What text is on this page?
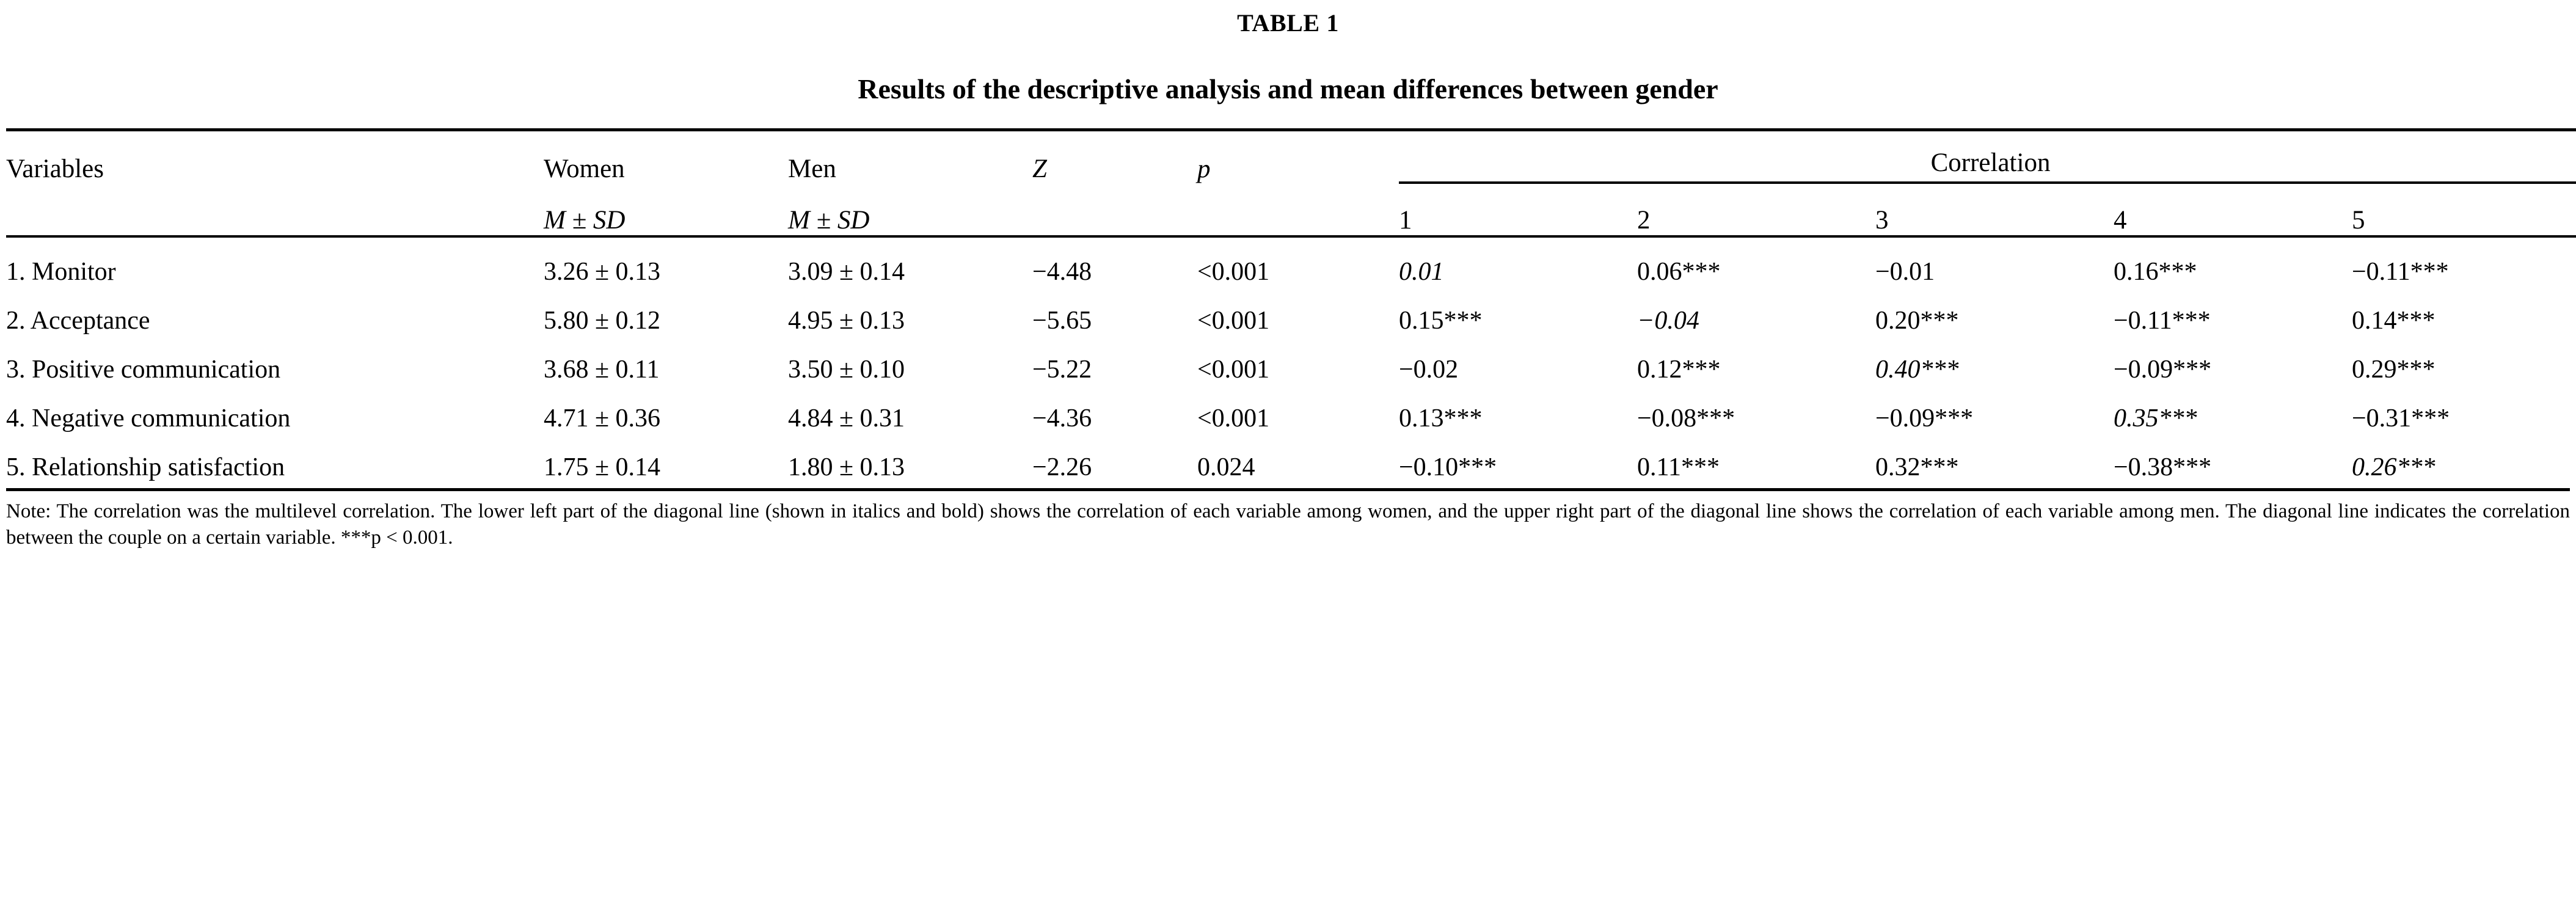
TABLE 1
Results of the descriptive analysis and mean differences between gender
Variables	Women	Men	Z	p	Correlation				

	M ± SD	M ± SD			1	2	3	4	5
1. Monitor	3.26 ± 0.13	3.09 ± 0.14	−4.48	<0.001	0.01	0.06***	−0.01	0.16***	−0.11***
2. Acceptance	5.80 ± 0.12	4.95 ± 0.13	−5.65	<0.001	0.15***	−0.04	0.20***	−0.11***	0.14***
3. Positive communication	3.68 ± 0.11	3.50 ± 0.10	−5.22	<0.001	−0.02	0.12***	0.40***	−0.09***	0.29***
4. Negative communication	4.71 ± 0.36	4.84 ± 0.31	−4.36	<0.001	0.13***	−0.08***	−0.09***	0.35***	−0.31***
5. Relationship satisfaction	1.75 ± 0.14	1.80 ± 0.13	−2.26	0.024	−0.10***	0.11***	0.32***	−0.38***	0.26***
Note: The correlation was the multilevel correlation. The lower left part of the diagonal line (shown in italics and bold) shows the correlation of each variable among women, and the upper right part of the diagonal line shows the correlation of each variable among men. The diagonal line indicates the correlation between the couple on a certain variable. ***p < 0.001.
